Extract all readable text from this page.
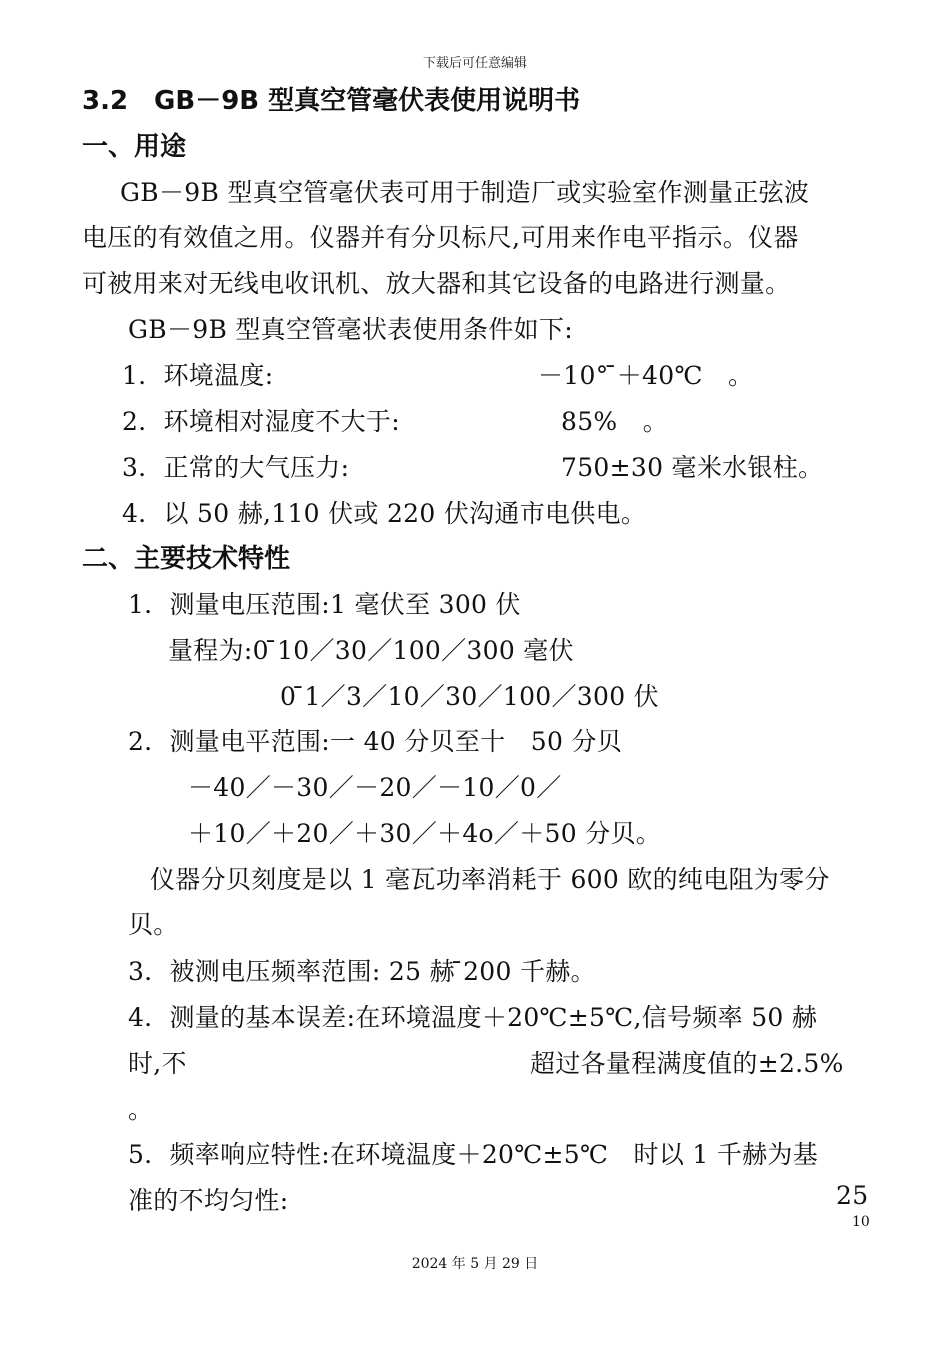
下载后可任意编辑
3.2　GB－9B 型真空管毫伏表使用说明书
一、用途
GB－9B 型真空管毫伏表可用于制造厂或实验室作测量正弦波
电压的有效值之用。仪器并有分贝标尺,可用来作电平指示。仪器
可被用来对无线电收讯机、放大器和其它设备的电路进行测量。
GB－9B 型真空管毫状表使用条件如下:
1．环境温度:	－10° ̄＋40℃　。
2．环境相对湿度不大于:	85%　。
3．正常的大气压力:	750±30 毫米水银柱。
4．以 50 赫,110 伏或 220 伏沟通市电供电。
二、主要技术特性
1．测量电压范围:1 毫伏至 300 伏
量程为:0 ̄10／30／100／300 毫伏
0 ̄1／3／10／30／100／300 伏
2．测量电平范围:一 40 分贝至十　50 分贝
－40／－30／－20／－10／0／
＋10／＋20／＋30／＋4o／＋50 分贝。
仪器分贝刻度是以 1 毫瓦功率消耗于 600 欧的纯电阻为零分
贝。
3．被测电压频率范围: 25 赫 ̄200 千赫。
4．测量的基本误差:在环境温度＋20℃±5℃,信号频率 50 赫
时,不	超过各量程满度值的±2.5%
。
5．频率响应特性:在环境温度＋20℃±5℃　时以 1 千赫为基
准的不均匀性:	25
10
2024 年 5 月 29 日
